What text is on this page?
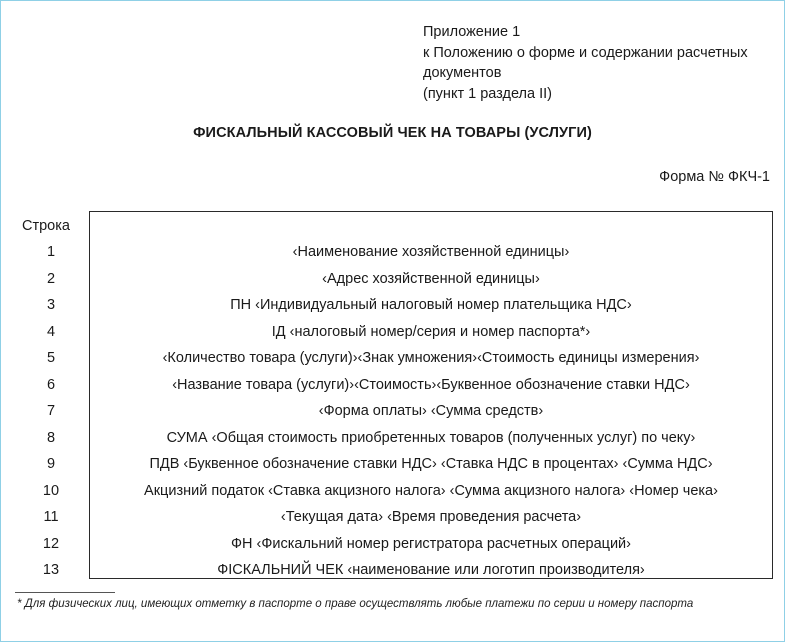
Приложение 1
к Положению о форме и содержании расчетных
документов
(пункт 1 раздела II)
ФИСКАЛЬНЫЙ КАССОВЫЙ ЧЕК НА ТОВАРЫ (УСЛУГИ)
Форма № ФКЧ-1
Строка
1
2
3
4
5
6
7
8
9
10
11
12
13
‹Наименование хозяйственной единицы›
‹Адрес хозяйственной единицы›
ПН ‹Индивидуальный налоговый номер плательщика НДС›
ІД ‹налоговый номер/серия и номер паспорта*›
‹Количество товара (услуги)›‹Знак умножения›‹Стоимость единицы измерения›
‹Название товара (услуги)›‹Стоимость›‹Буквенное обозначение ставки НДС›
‹Форма оплаты› ‹Сумма средств›
СУМА ‹Общая стоимость приобретенных товаров (полученных услуг) по чеку›
ПДВ ‹Буквенное обозначение ставки НДС› ‹Ставка НДС в процентах› ‹Сумма НДС›
Акцизний податок ‹Ставка акцизного налога› ‹Сумма акцизного налога› ‹Номер чека›
‹Текущая дата› ‹Время проведения расчета›
ФН ‹Фискальний номер регистратора расчетных операций›
ФІСКАЛЬНИЙ ЧЕК ‹наименование или логотип производителя›
* Для физических лиц, имеющих отметку в паспорте о праве осуществлять любые платежи по серии и номеру паспорта
